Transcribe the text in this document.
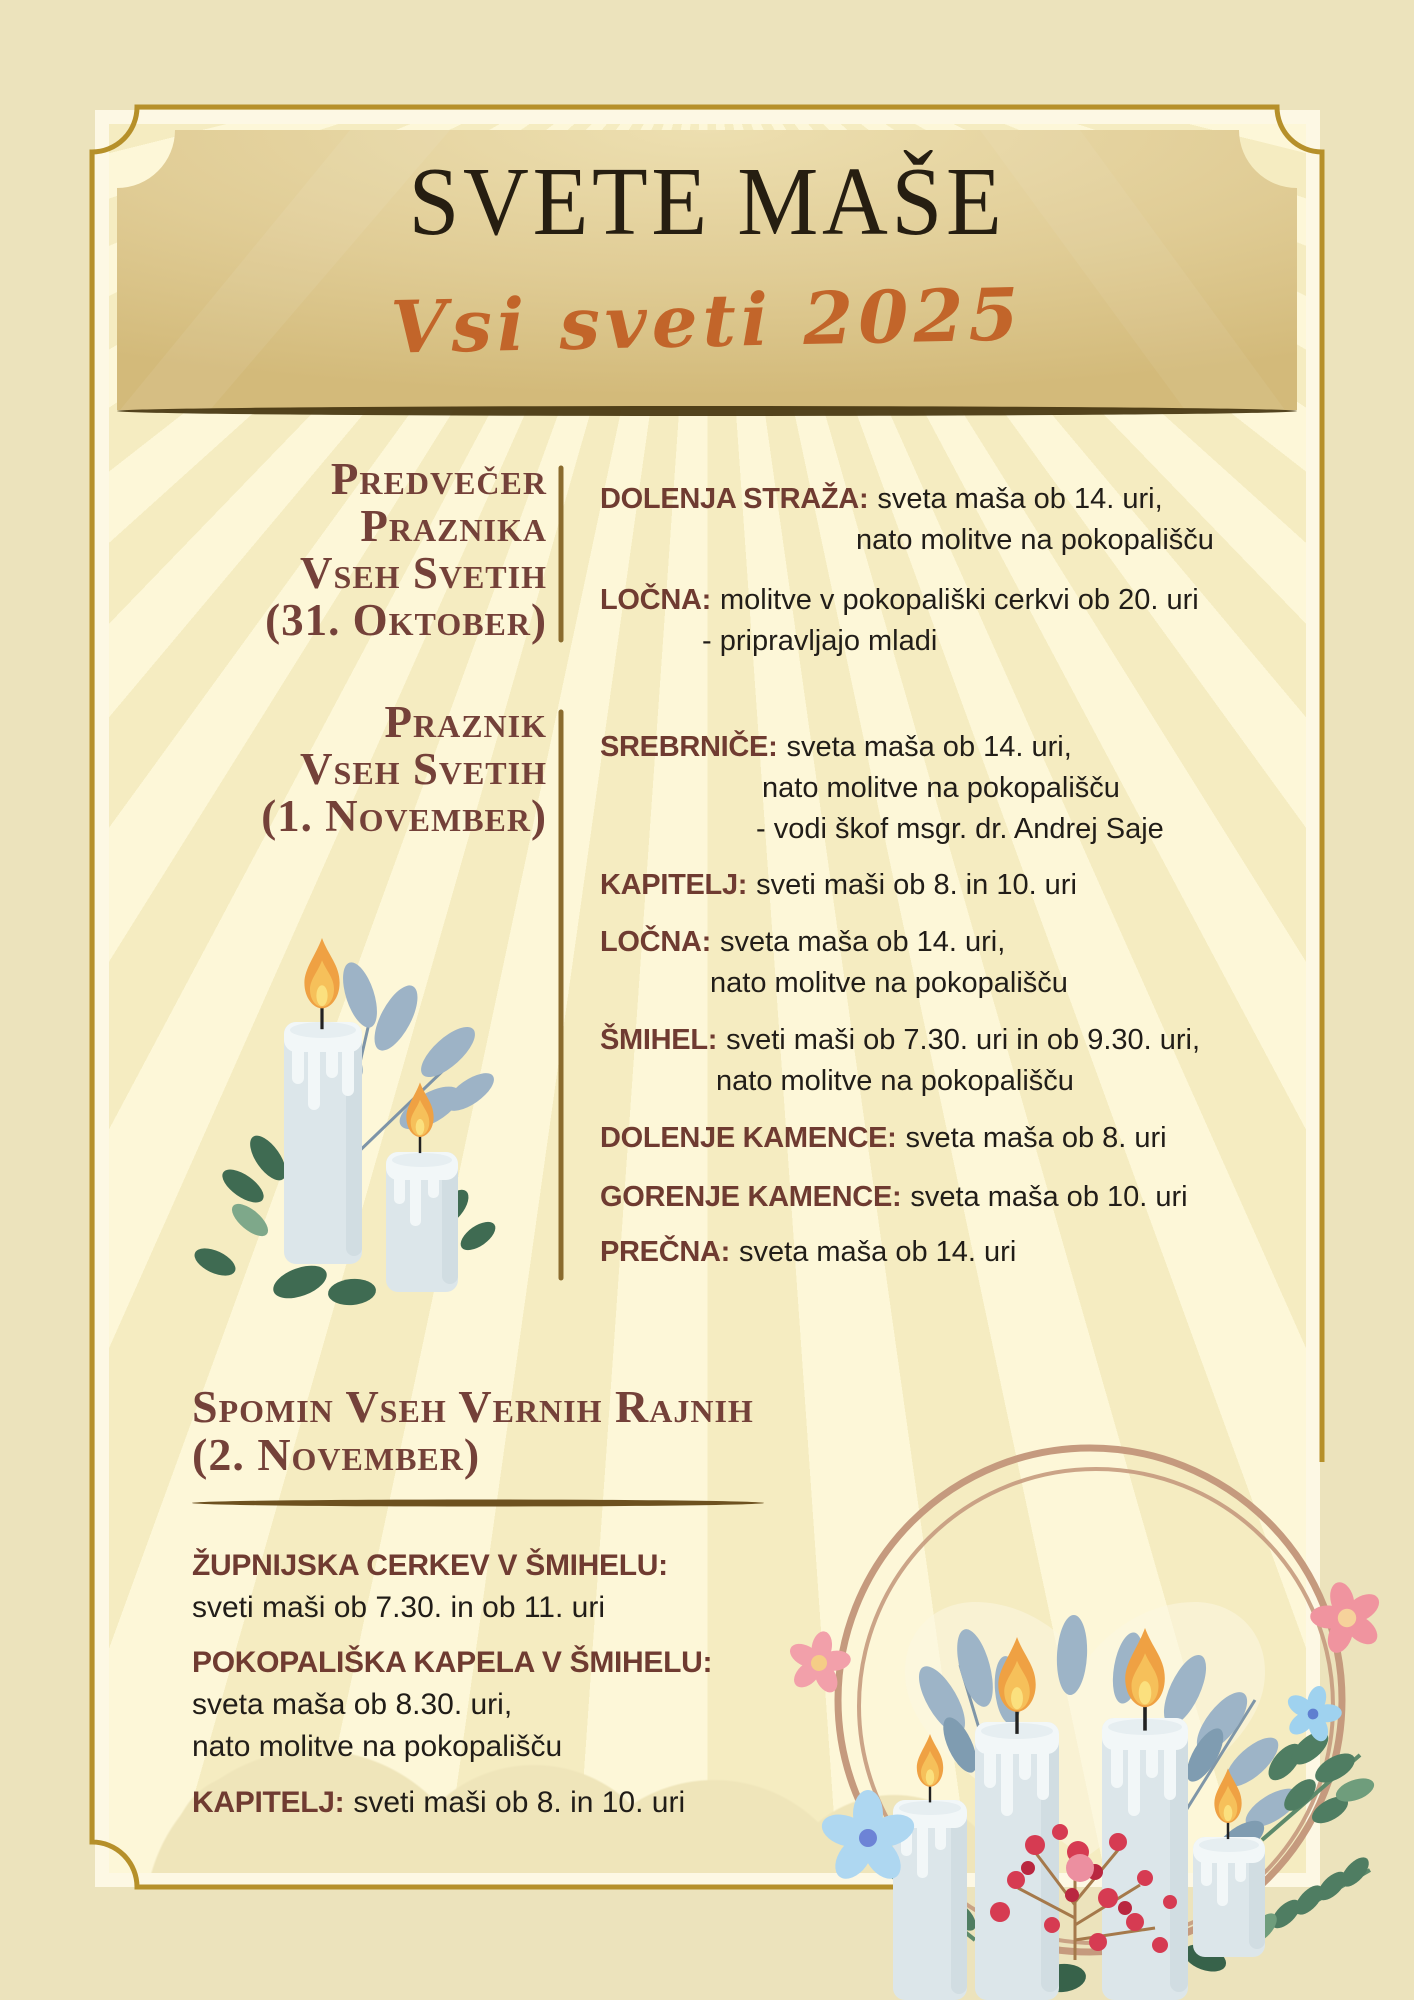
SVETE MAŠE
Vsi sveti 2025
Predvečer
Praznika
Vseh Svetih
(31. Oktober)
DOLENJA STRAŽA: sveta maša ob 14. uri,
nato molitve na pokopališču
LOČNA: molitve v pokopališki cerkvi ob 20. uri
- pripravljajo mladi
Praznik
Vseh Svetih
(1. November)
SREBRNIČE: sveta maša ob 14. uri,
nato molitve na pokopališču
- vodi škof msgr. dr. Andrej Saje
KAPITELJ: sveti maši ob 8. in 10. uri
LOČNA: sveta maša ob 14. uri,
nato molitve na pokopališču
ŠMIHEL: sveti maši ob 7.30. uri in ob 9.30. uri,
nato molitve na pokopališču
DOLENJE KAMENCE: sveta maša ob 8. uri
GORENJE KAMENCE: sveta maša ob 10. uri
PREČNA: sveta maša ob 14. uri
Spomin Vseh Vernih Rajnih
(2. November)
ŽUPNIJSKA CERKEV V ŠMIHELU:
sveti maši ob 7.30. in ob 11. uri
POKOPALIŠKA KAPELA V ŠMIHELU:
sveta maša ob 8.30. uri,
nato molitve na pokopališču
KAPITELJ: sveti maši ob 8. in 10. uri
